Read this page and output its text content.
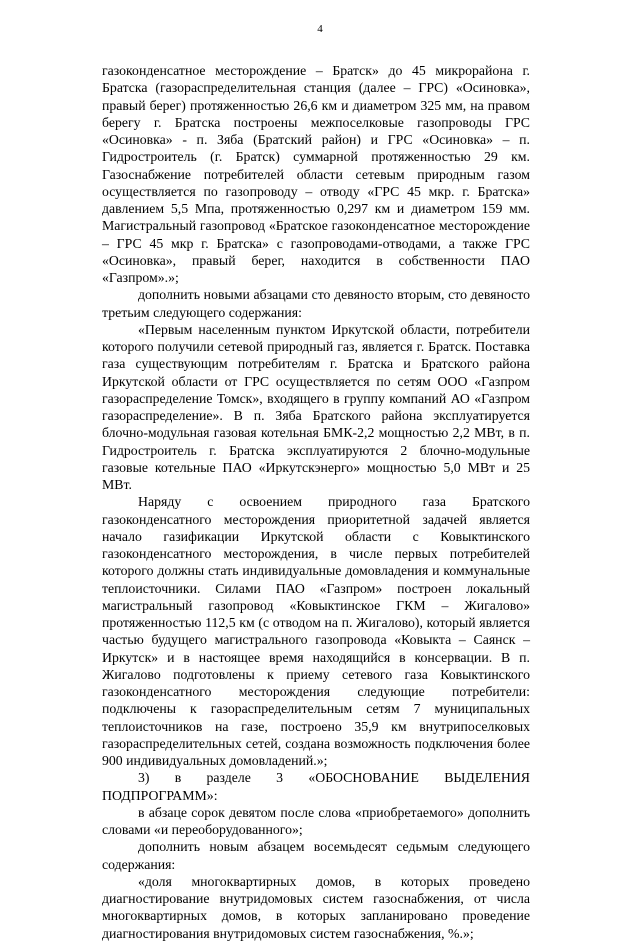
4

газоконденсатное месторождение – Братск» до 45 микрорайона г. Братска (газораспределительная станция (далее – ГРС) «Осиновка», правый берег) протяженностью 26,6 км и диаметром 325 мм, на правом берегу г. Братска построены межпоселковые газопроводы ГРС «Осиновка» - п. Зяба (Братский район) и ГРС «Осиновка» – п. Гидростроитель (г. Братск) суммарной протяженностью 29 км. Газоснабжение потребителей области сетевым природным газом осуществляется по газопроводу – отводу «ГРС 45 мкр. г. Братска» давлением 5,5 Мпа, протяженностью 0,297 км и диаметром 159 мм. Магистральный газопровод «Братское газоконденсатное месторождение – ГРС 45 мкр г. Братска» с газопроводами-отводами, а также ГРС «Осиновка», правый берег, находится в собственности ПАО «Газпром».»;

дополнить новыми абзацами сто девяносто вторым, сто девяносто третьим следующего содержания:

«Первым населенным пунктом Иркутской области, потребители которого получили сетевой природный газ, является г. Братск. Поставка газа существующим потребителям г. Братска и Братского района Иркутской области от ГРС осуществляется по сетям ООО «Газпром газораспределение Томск», входящего в группу компаний АО «Газпром газораспределение». В п. Зяба Братского района эксплуатируется блочно-модульная газовая котельная БМК-2,2 мощностью 2,2 МВт, в п. Гидростроитель г. Братска эксплуатируются 2 блочно-модульные газовые котельные ПАО «Иркутскэнерго» мощностью 5,0 МВт и 25 МВт.

Наряду с освоением природного газа Братского газоконденсатного месторождения приоритетной задачей является начало газификации Иркутской области с Ковыктинского газоконденсатного месторождения, в числе первых потребителей которого должны стать индивидуальные домовладения и коммунальные теплоисточники. Силами ПАО «Газпром» построен локальный магистральный газопровод «Ковыктинское ГКМ – Жигалово» протяженностью 112,5 км (с отводом на п. Жигалово), который является частью будущего магистрального газопровода «Ковыкта – Саянск – Иркутск» и в настоящее время находящийся в консервации. В п. Жигалово подготовлены к приему сетевого газа Ковыктинского газоконденсатного месторождения следующие потребители: подключены к газораспределительным сетям 7 муниципальных теплоисточников на газе, построено 35,9 км внутрипоселковых газораспределительных сетей, создана возможность подключения более 900 индивидуальных домовладений.»;

3) в разделе 3 «ОБОСНОВАНИЕ ВЫДЕЛЕНИЯ ПОДПРОГРАММ»:

в абзаце сорок девятом после слова «приобретаемого» дополнить словами «и переоборудованного»;

дополнить новым абзацем восемьдесят седьмым следующего содержания:

«доля многоквартирных домов, в которых проведено диагностирование внутридомовых систем газоснабжения, от числа многоквартирных домов, в которых запланировано проведение диагностирования внутридомовых систем газоснабжения, %.»;
